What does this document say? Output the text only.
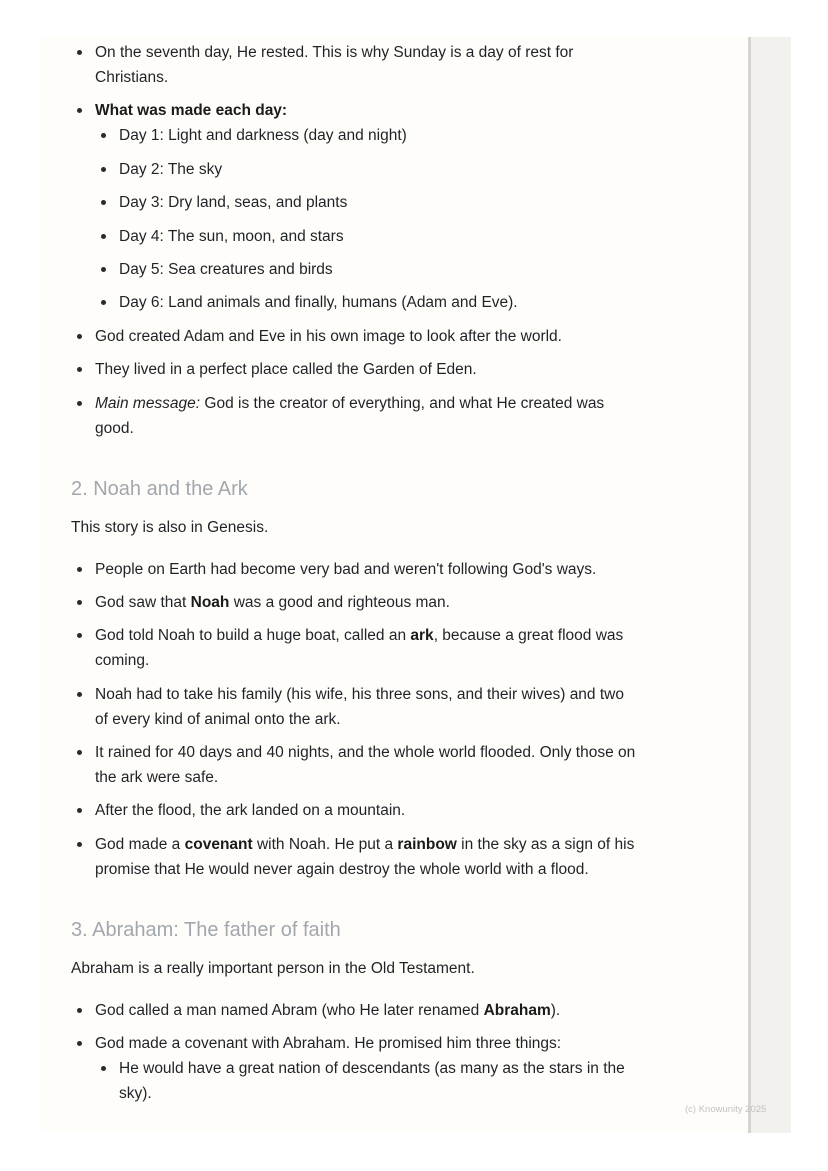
On the seventh day, He rested. This is why Sunday is a day of rest for Christians.
What was made each day:
Day 1: Light and darkness (day and night)
Day 2: The sky
Day 3: Dry land, seas, and plants
Day 4: The sun, moon, and stars
Day 5: Sea creatures and birds
Day 6: Land animals and finally, humans (Adam and Eve).
God created Adam and Eve in his own image to look after the world.
They lived in a perfect place called the Garden of Eden.
Main message: God is the creator of everything, and what He created was good.
2. Noah and the Ark

This story is also in Genesis.

People on Earth had become very bad and weren't following God's ways.
God saw that Noah was a good and righteous man.
God told Noah to build a huge boat, called an ark, because a great flood was coming.
Noah had to take his family (his wife, his three sons, and their wives) and two of every kind of animal onto the ark.
It rained for 40 days and 40 nights, and the whole world flooded. Only those on the ark were safe.
After the flood, the ark landed on a mountain.
God made a covenant with Noah. He put a rainbow in the sky as a sign of his promise that He would never again destroy the whole world with a flood.
3. Abraham: The father of faith

Abraham is a really important person in the Old Testament.

God called a man named Abram (who He later renamed Abraham).
God made a covenant with Abraham. He promised him three things:
He would have a great nation of descendants (as many as the stars in the sky).
(c) Knowunity 2025
